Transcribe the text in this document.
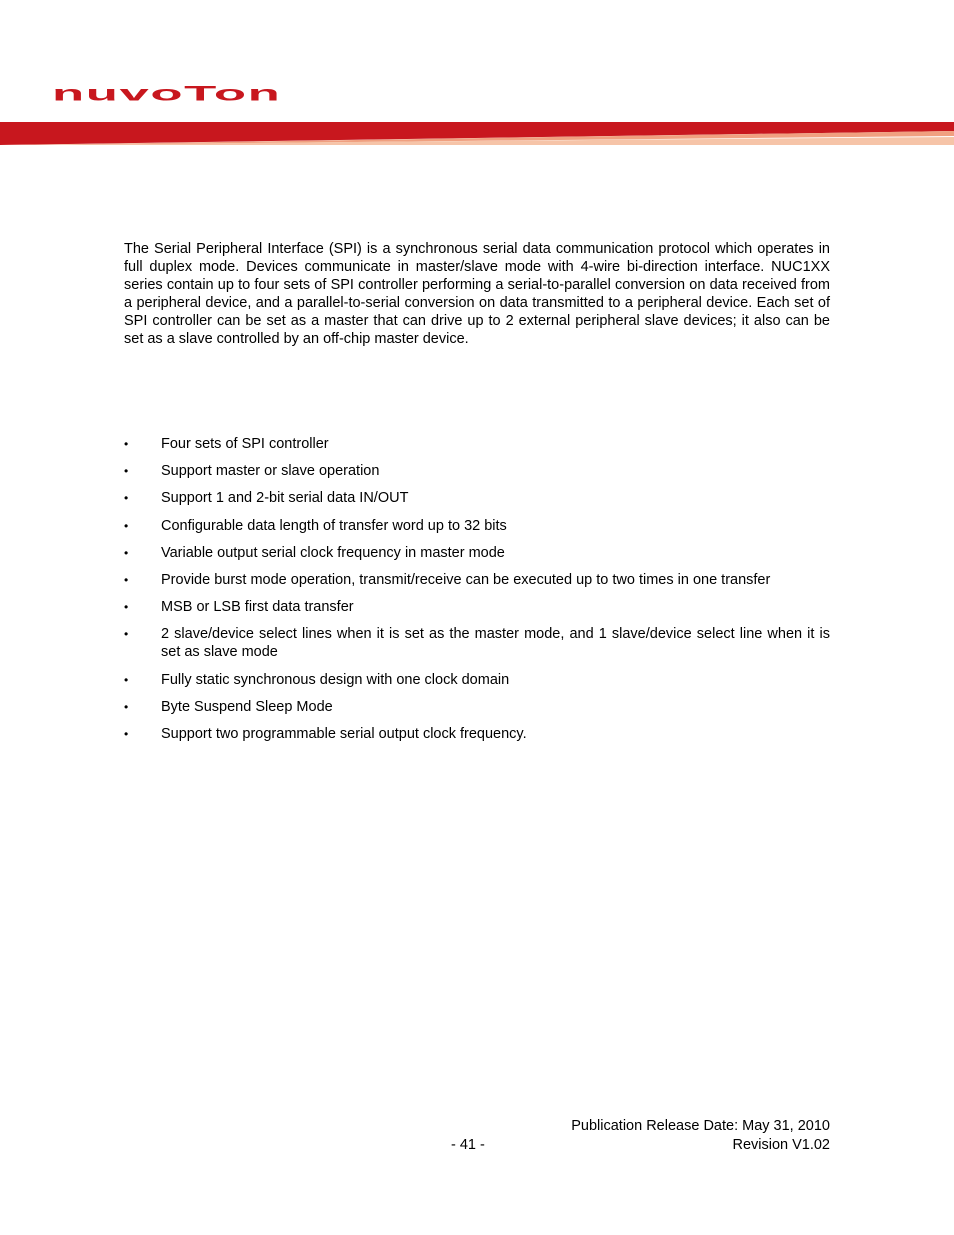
nuvoTon

The Serial Peripheral Interface (SPI) is a synchronous serial data communication protocol which operates in full duplex mode. Devices communicate in master/slave mode with 4-wire bi-direction interface. NUC1XX series contain up to four sets of SPI controller performing a serial-to-parallel conversion on data received from a peripheral device, and a parallel-to-serial conversion on data transmitted to a peripheral device. Each set of SPI controller can be set as a master that can drive up to 2 external peripheral slave devices; it also can be set as a slave controlled by an off-chip master device.

•	Four sets of SPI controller
•	Support master or slave operation
•	Support 1 and 2-bit serial data IN/OUT
•	Configurable data length of transfer word up to 32 bits
•	Variable output serial clock frequency in master mode
•	Provide burst mode operation, transmit/receive can be executed up to two times in one transfer
•	MSB or LSB first data transfer
•	2 slave/device select lines when it is set as the master mode, and 1 slave/device select line when it is set as slave mode
•	Fully static synchronous design with one clock domain
•	Byte Suspend Sleep Mode
•	Support two programmable serial output clock frequency.
Publication Release Date: May 31, 2010
- 41 -	Revision V1.02
